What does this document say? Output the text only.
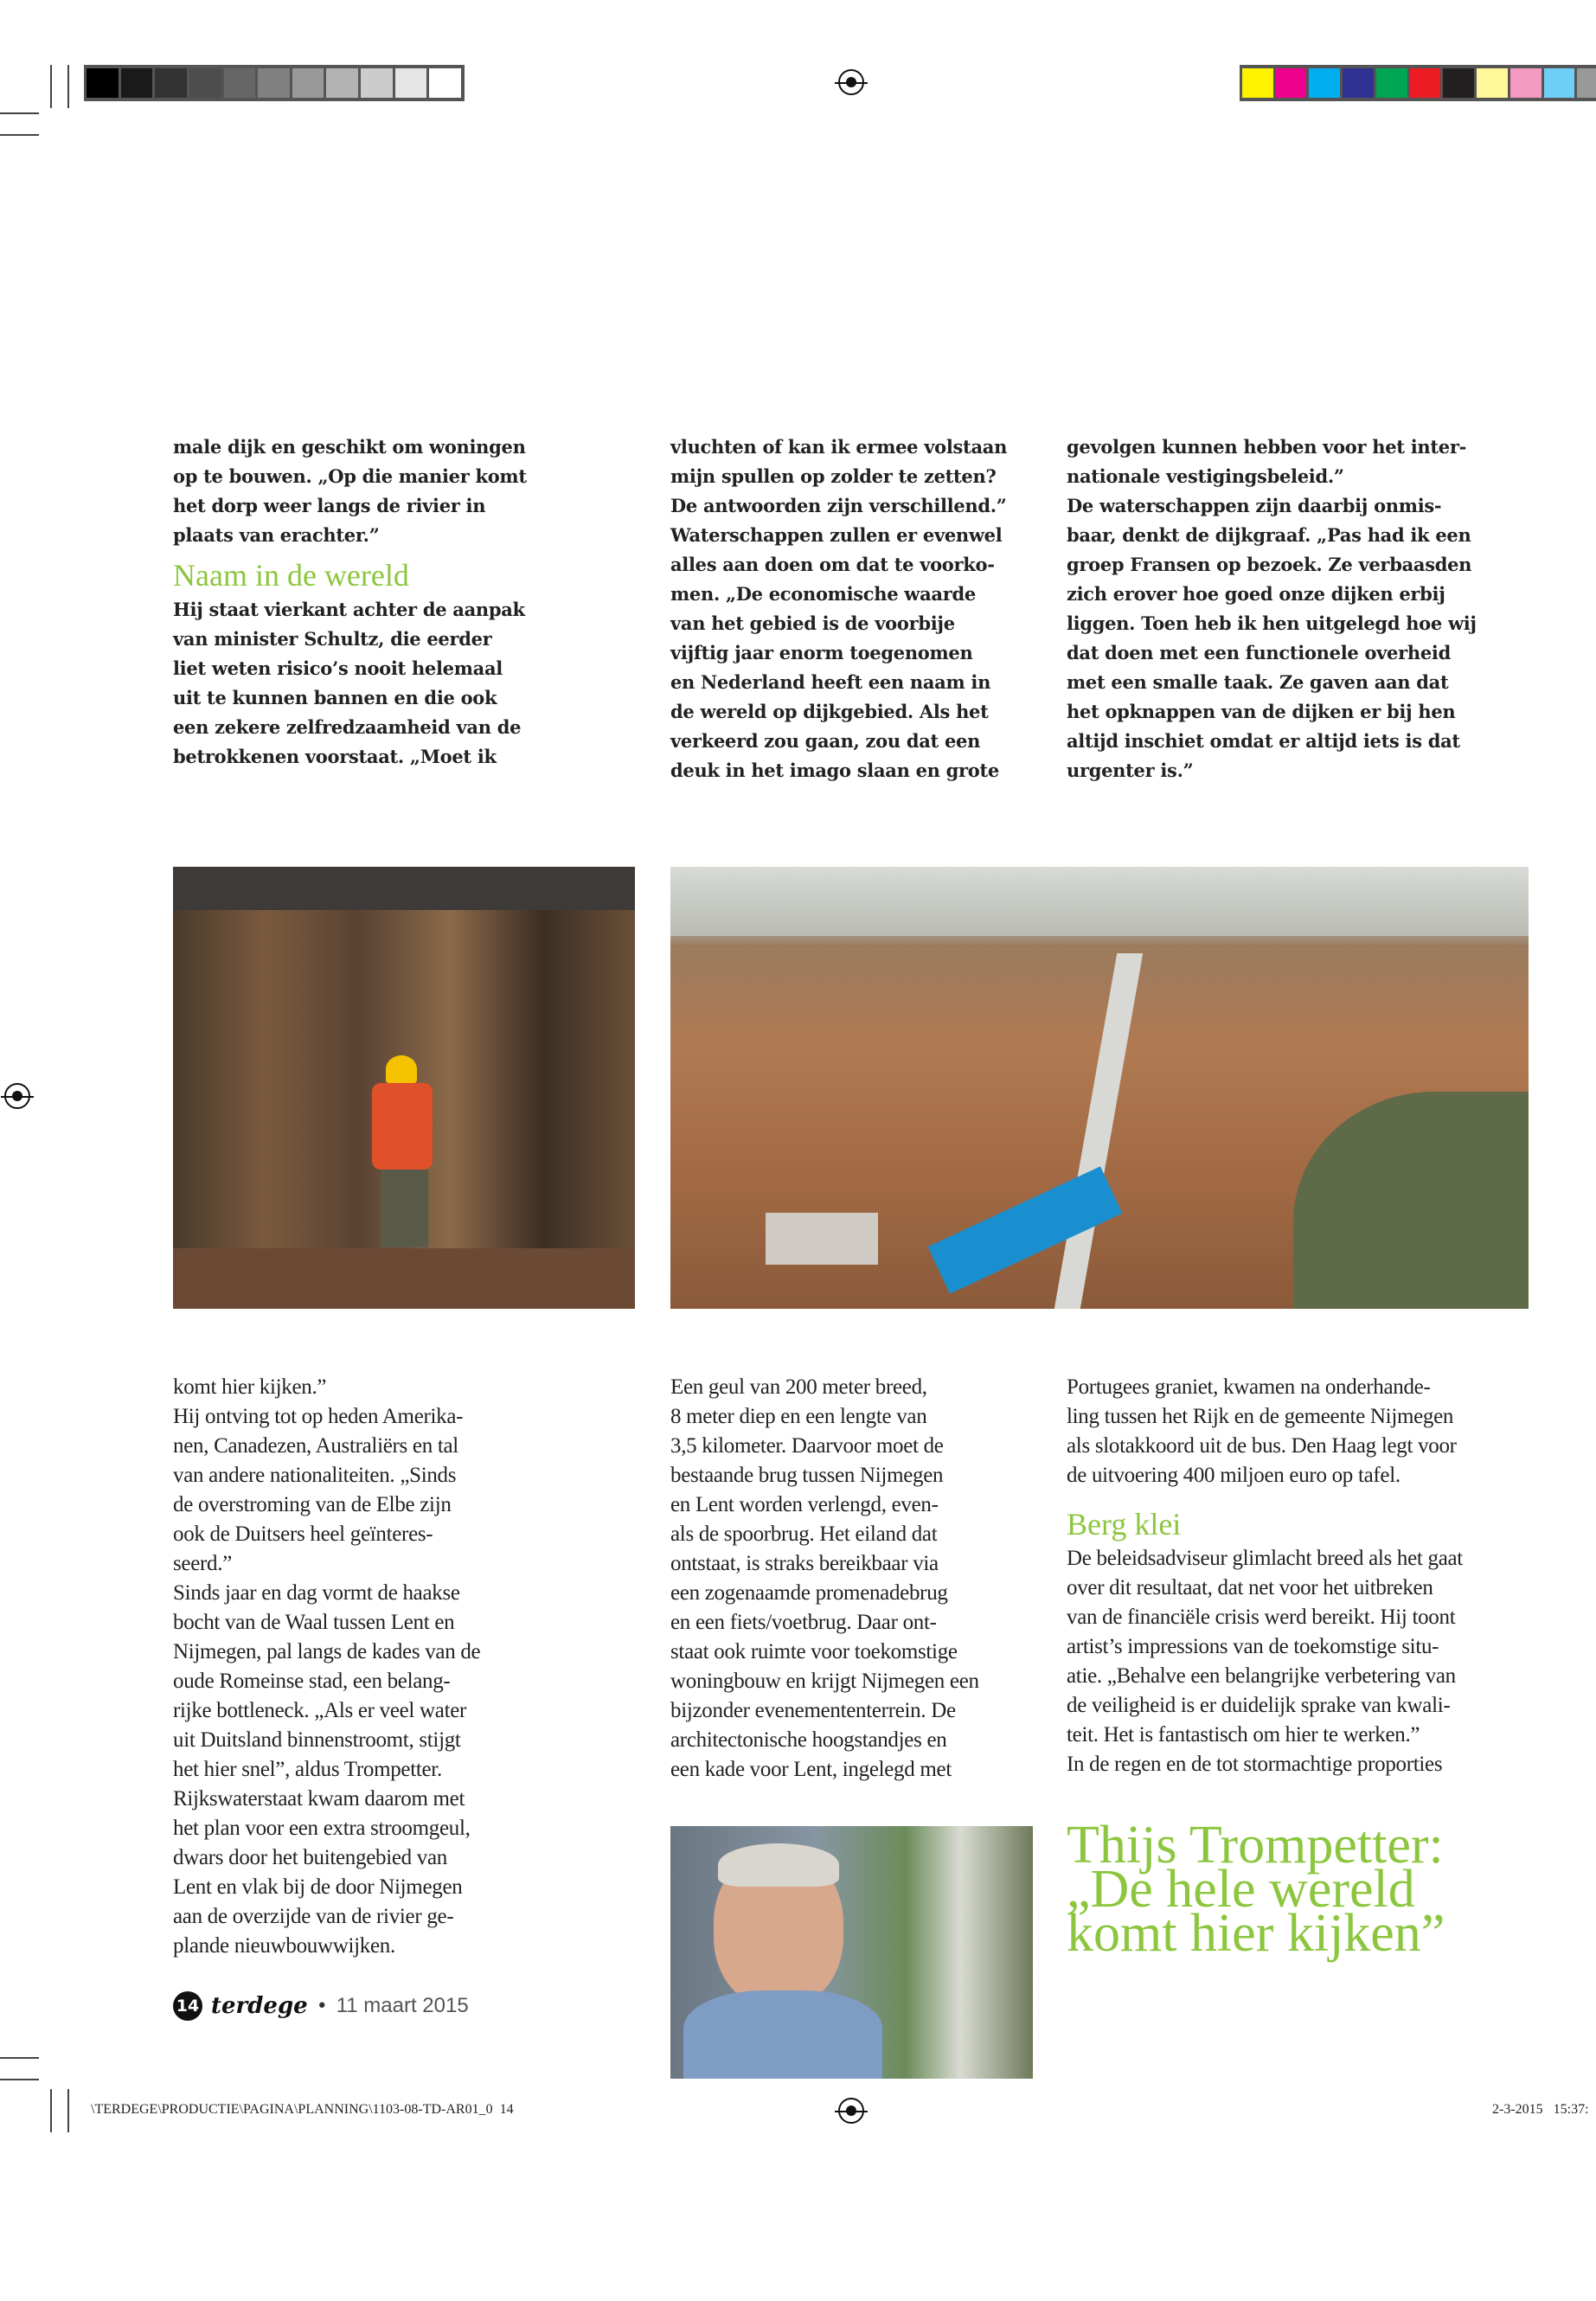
male dijk en geschikt om woningen
op te bouwen. „Op die manier komt
het dorp weer langs de rivier in
plaats van erachter.”
Naam in de wereld
Hij staat vierkant achter de aanpak
van minister Schultz, die eerder
liet weten risico’s nooit helemaal
uit te kunnen bannen en die ook
een zekere zelfredzaamheid van de
betrokkenen voorstaat. „Moet ik
vluchten of kan ik ermee volstaan
mijn spullen op zolder te zetten?
De antwoorden zijn verschillend.”
Waterschappen zullen er evenwel
alles aan doen om dat te voorko-
men. „De economische waarde
van het gebied is de voorbije
vijftig jaar enorm toegenomen
en Nederland heeft een naam in
de wereld op dijkgebied. Als het
verkeerd zou gaan, zou dat een
deuk in het imago slaan en grote
gevolgen kunnen hebben voor het inter-
nationale vestigingsbeleid.”
De waterschappen zijn daarbij onmis-
baar, denkt de dijkgraaf. „Pas had ik een
groep Fransen op bezoek. Ze verbaasden
zich erover hoe goed onze dijken erbij
liggen. Toen heb ik hen uitgelegd hoe wij
dat doen met een functionele overheid
met een smalle taak. Ze gaven aan dat
het opknappen van de dijken er bij hen
altijd inschiet omdat er altijd iets is dat
urgenter is.”
komt hier kijken.”
Hij ontving tot op heden Amerika-
nen, Canadezen, Australiërs en tal
van andere nationaliteiten. „Sinds
de overstroming van de Elbe zijn
ook de Duitsers heel geïnteres-
seerd.”
Sinds jaar en dag vormt de haakse
bocht van de Waal tussen Lent en
Nijmegen, pal langs de kades van de
oude Romeinse stad, een belang-
rijke bottleneck. „Als er veel water
uit Duitsland binnenstroomt, stijgt
het hier snel”, aldus Trompetter.
Rijkswaterstaat kwam daarom met
het plan voor een extra stroomgeul,
dwars door het buitengebied van
Lent en vlak bij de door Nijmegen
aan de overzijde van de rivier ge-
plande nieuwbouwwijken.
Een geul van 200 meter breed,
8 meter diep en een lengte van
3,5 kilometer. Daarvoor moet de
bestaande brug tussen Nijmegen
en Lent worden verlengd, even-
als de spoorbrug. Het eiland dat
ontstaat, is straks bereikbaar via
een zogenaamde promenadebrug
en een fiets/voetbrug. Daar ont-
staat ook ruimte voor toekomstige
woningbouw en krijgt Nijmegen een
bijzonder evenemententerrein. De
architectonische hoogstandjes en
een kade voor Lent, ingelegd met
Portugees graniet, kwamen na onderhande-
ling tussen het Rijk en de gemeente Nijmegen
als slotakkoord uit de bus. Den Haag legt voor
de uitvoering 400 miljoen euro op tafel.
Berg klei
De beleidsadviseur glimlacht breed als het gaat
over dit resultaat, dat net voor het uitbreken
van de financiële crisis werd bereikt. Hij toont
artist’s impressions van de toekomstige situ-
atie. „Behalve een belangrijke verbetering van
de veiligheid is er duidelijk sprake van kwali-
teit. Het is fantastisch om hier te werken.”
In de regen en de tot stormachtige proporties
Thijs Trompetter:
„De hele wereld
komt hier kijken”
14 terdege • 11 maart 2015
\TERDEGE\PRODUCTIE\PAGINA\PLANNING\1103-08-TD-AR01_0  14	2-3-2015   15:37:
